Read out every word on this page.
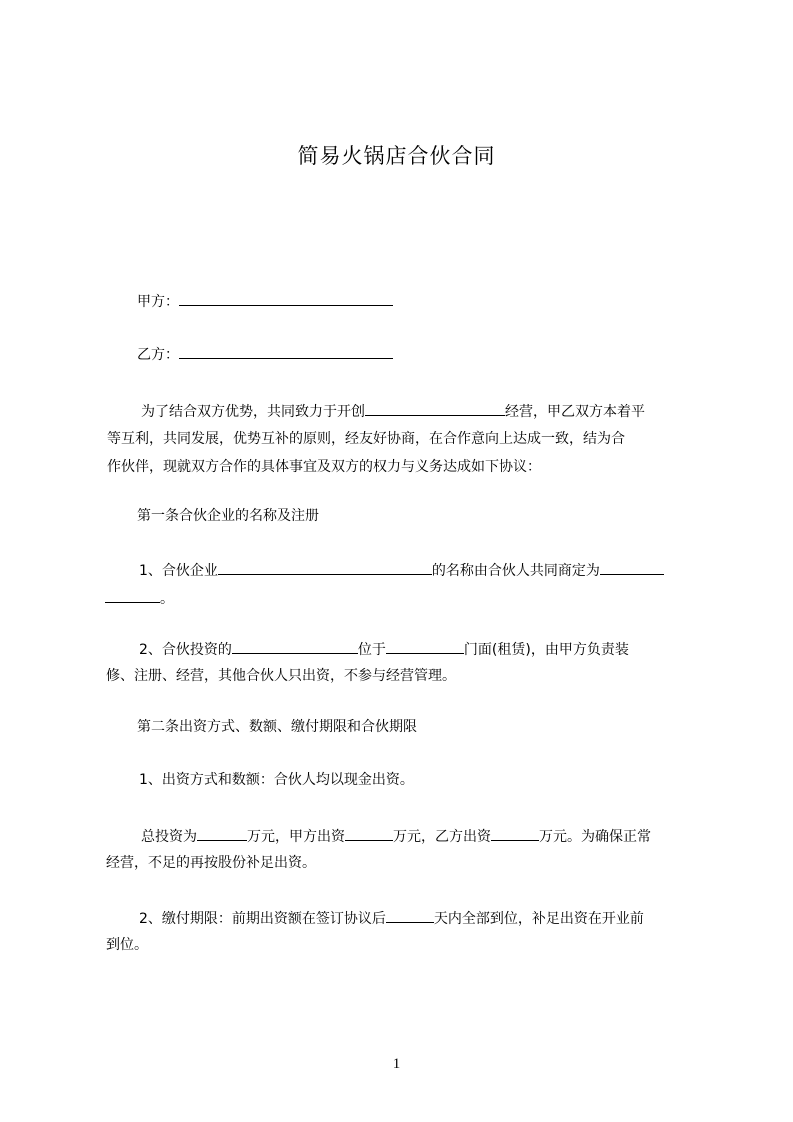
简易火锅店合伙合同
甲方：
乙方：
为了结合双方优势，共同致力于开创	经营，甲乙双方本着平
等互利，共同发展，优势互补的原则，经友好协商，在合作意向上达成一致，结为合
作伙伴，现就双方合作的具体事宜及双方的权力与义务达成如下协议：
第一条合伙企业的名称及注册
1、合伙企业	的名称由合伙人共同商定为
。
2、合伙投资的	位于	门面(租赁)，由甲方负责装
修、注册、经营，其他合伙人只出资，不参与经营管理。
第二条出资方式、数额、缴付期限和合伙期限
1、出资方式和数额：合伙人均以现金出资。
总投资为	万元，甲方出资	万元，乙方出资	万元。为确保正常
经营，不足的再按股份补足出资。
2、缴付期限：前期出资额在签订协议后	天内全部到位，补足出资在开业前
到位。
1
